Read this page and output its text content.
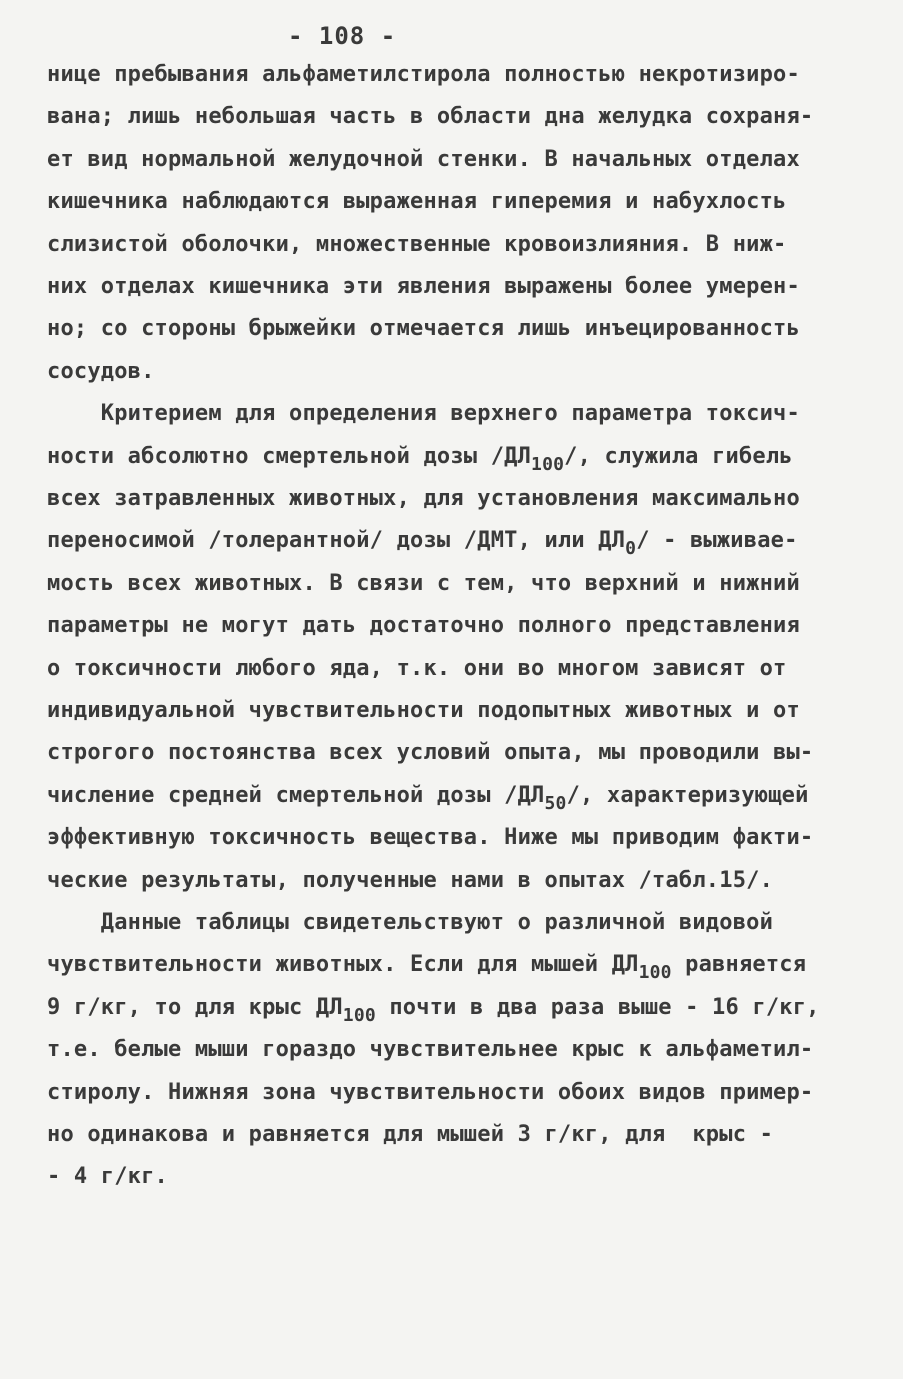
- 108 -
нице пребывания альфаметилстирола полностью некротизиро-
вана; лишь небольшая часть в области дна желудка сохраня-
ет вид нормальной желудочной стенки. В начальных отделах
кишечника наблюдаются выраженная гиперемия и набухлость
слизистой оболочки, множественные кровоизлияния. В ниж-
них отделах кишечника эти явления выражены более умерен-
но; со стороны брыжейки отмечается лишь инъецированность
сосудов.
Критерием для определения верхнего параметра токсич-
ности абсолютно смертельной дозы $/ДЛ_{100}/$, служила гибель
всех затравленных животных, для установления максимально
переносимой /толерантной/ дозы /ДМТ, или $ДЛ_0/$ - выживае-
мость всех животных. В связи с тем, что верхний и нижний
параметры не могут дать достаточно полного представления
о токсичности любого яда, т.к. они во многом зависят от
индивидуальной чувствительности подопытных животных и от
строгого постоянства всех условий опыта, мы проводили вы-
числение средней смертельной дозы $/ДЛ_{50}/$, характеризующей
эффективную токсичность вещества. Ниже мы приводим факти-
ческие результаты, полученные нами в опытах /табл.15/.
Данные таблицы свидетельствуют о различной видовой
чувствительности животных. Если для мышей $ДЛ_{100}$ равняется
9 г/кг, то для крыс $ДЛ_{100}$ почти в два раза выше - 16 г/кг,
т.е. белые мыши гораздо чувствительнее крыс к альфаметил-
стиролу. Нижняя зона чувствительности обоих видов пример-
но одинакова и равняется для мышей 3 г/кг, для  крыс -
- 4 г/кг.
